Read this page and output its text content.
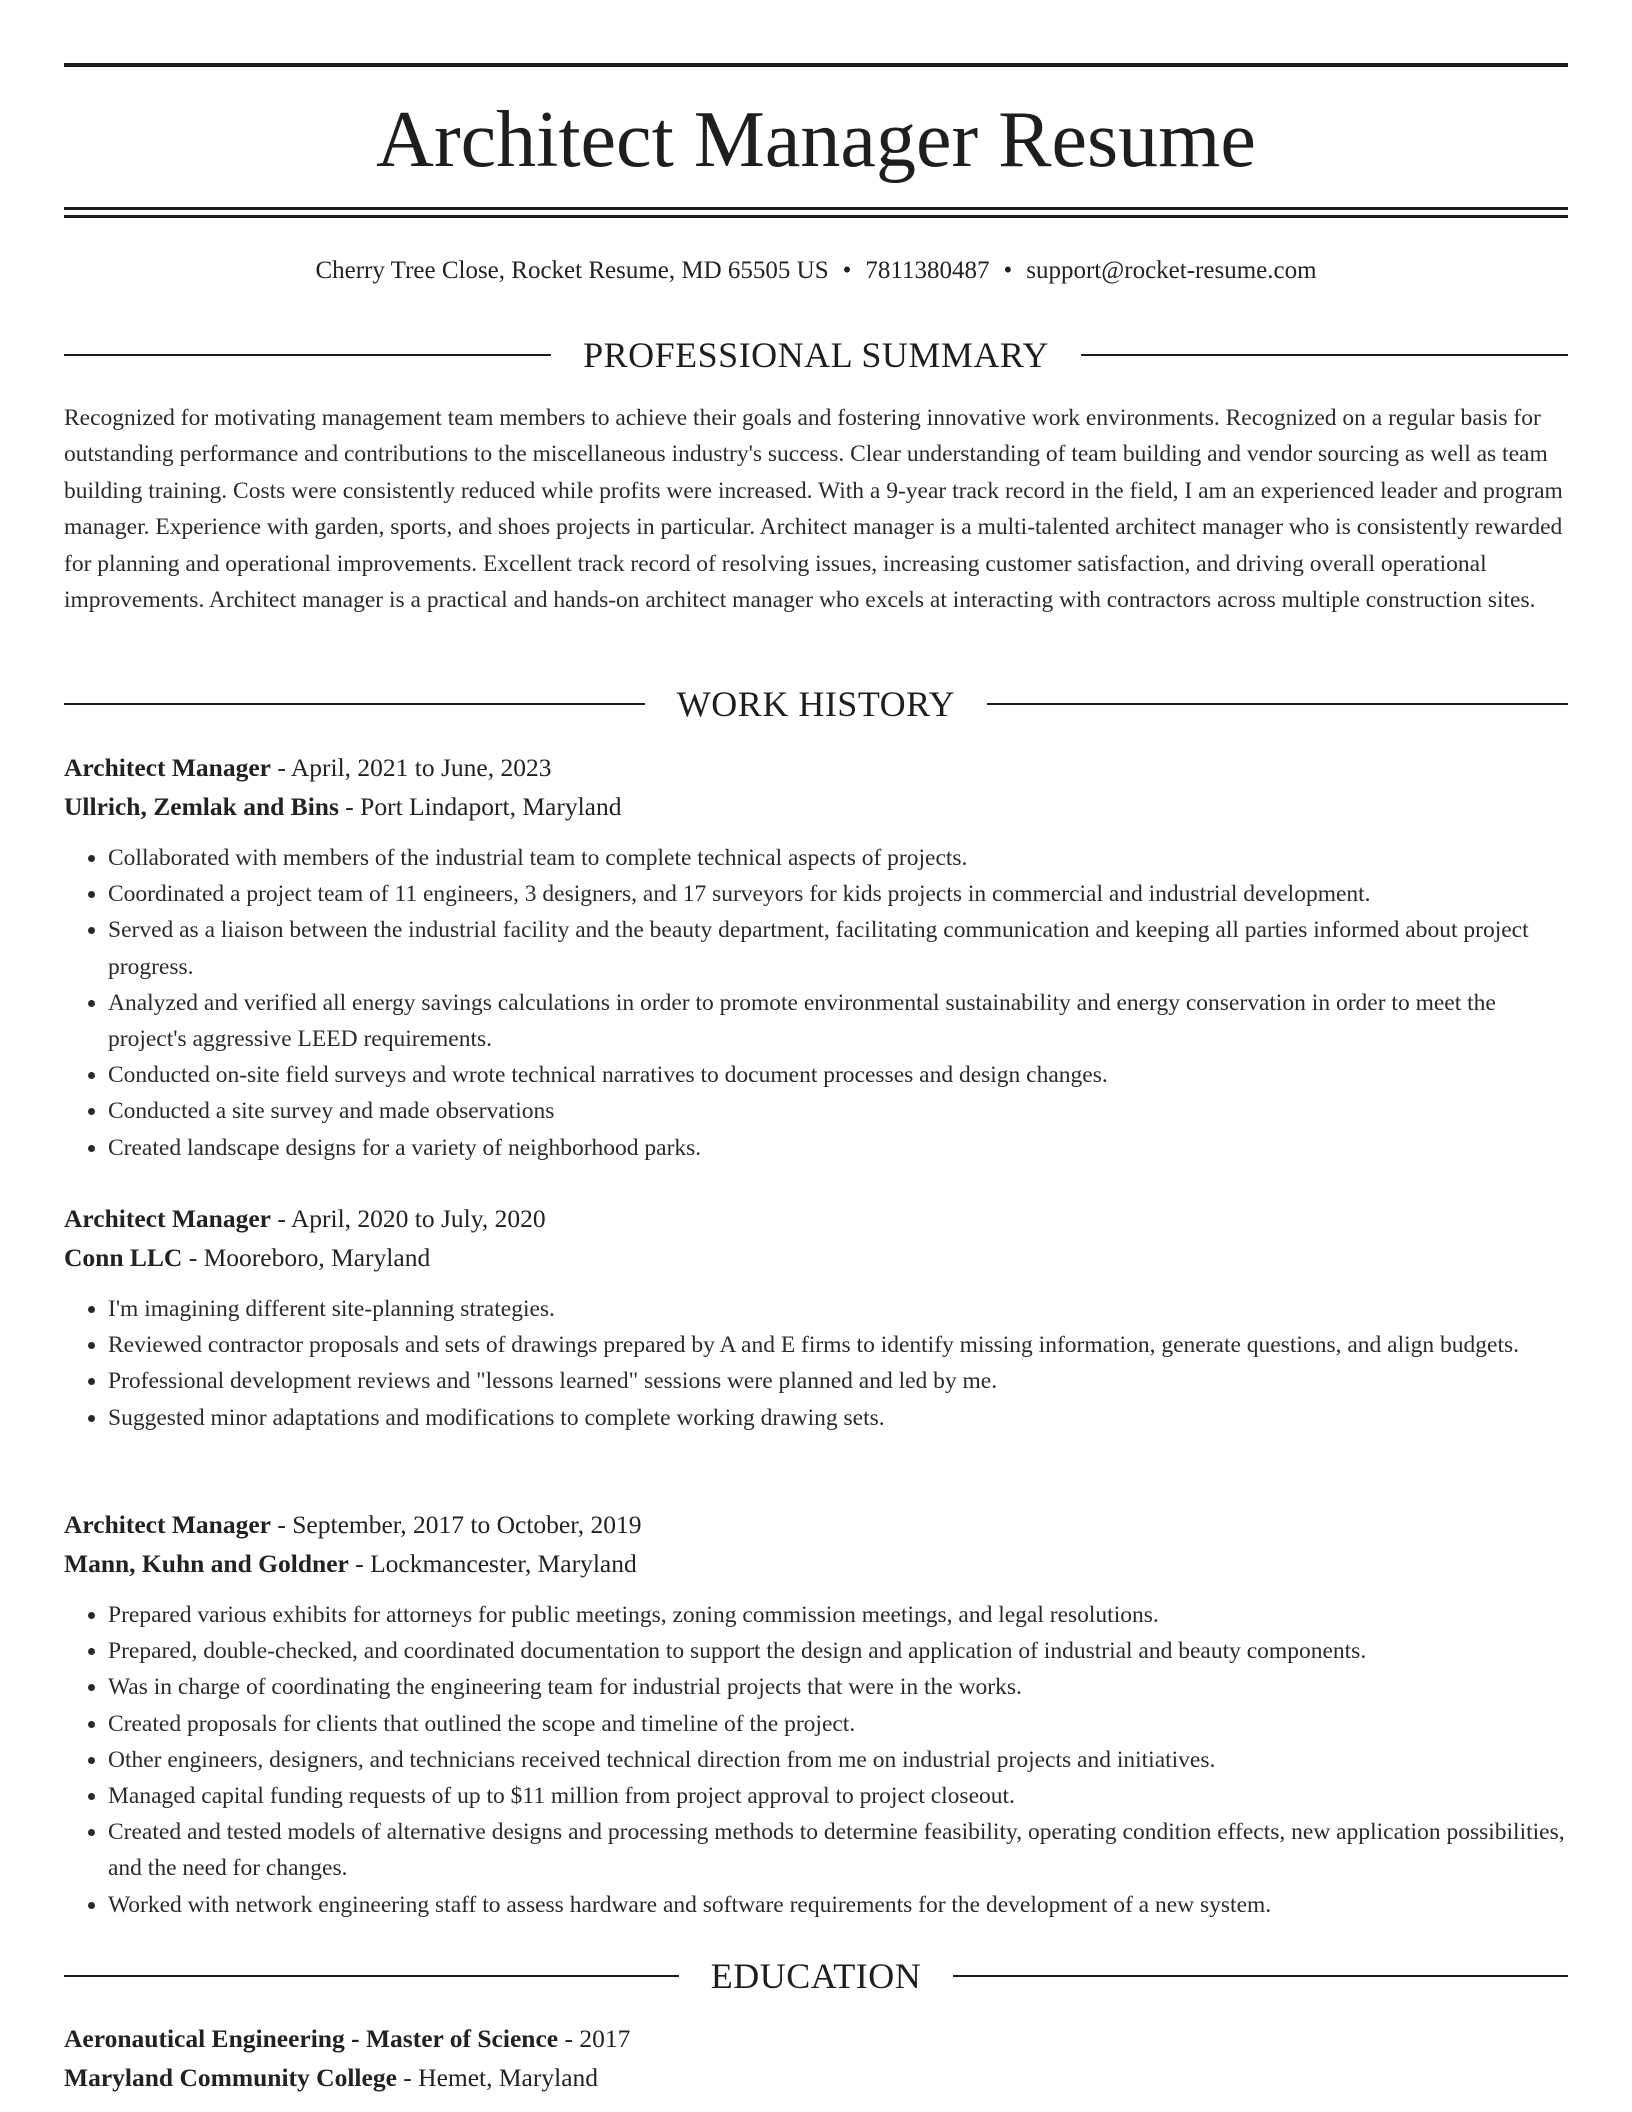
Architect Manager Resume
Cherry Tree Close, Rocket Resume, MD 65505 US • 7811380487 • support@rocket-resume.com
PROFESSIONAL SUMMARY

Recognized for motivating management team members to achieve their goals and fostering innovative work environments. Recognized on a regular basis for outstanding performance and contributions to the miscellaneous industry's success. Clear understanding of team building and vendor sourcing as well as team building training. Costs were consistently reduced while profits were increased. With a 9-year track record in the field, I am an experienced leader and program manager. Experience with garden, sports, and shoes projects in particular. Architect manager is a multi-talented architect manager who is consistently rewarded for planning and operational improvements. Excellent track record of resolving issues, increasing customer satisfaction, and driving overall operational improvements. Architect manager is a practical and hands-on architect manager who excels at interacting with contractors across multiple construction sites.

WORK HISTORY
Architect Manager - April, 2021 to June, 2023
Ullrich, Zemlak and Bins - Port Lindaport, Maryland
• Collaborated with members of the industrial team to complete technical aspects of projects.
• Coordinated a project team of 11 engineers, 3 designers, and 17 surveyors for kids projects in commercial and industrial development.
• Served as a liaison between the industrial facility and the beauty department, facilitating communication and keeping all parties informed about project progress.
• Analyzed and verified all energy savings calculations in order to promote environmental sustainability and energy conservation in order to meet the project's aggressive LEED requirements.
• Conducted on-site field surveys and wrote technical narratives to document processes and design changes.
• Conducted a site survey and made observations
• Created landscape designs for a variety of neighborhood parks.
Architect Manager - April, 2020 to July, 2020
Conn LLC - Mooreboro, Maryland
• I'm imagining different site-planning strategies.
• Reviewed contractor proposals and sets of drawings prepared by A and E firms to identify missing information, generate questions, and align budgets.
• Professional development reviews and "lessons learned" sessions were planned and led by me.
• Suggested minor adaptations and modifications to complete working drawing sets.
Architect Manager - September, 2017 to October, 2019
Mann, Kuhn and Goldner - Lockmancester, Maryland
• Prepared various exhibits for attorneys for public meetings, zoning commission meetings, and legal resolutions.
• Prepared, double-checked, and coordinated documentation to support the design and application of industrial and beauty components.
• Was in charge of coordinating the engineering team for industrial projects that were in the works.
• Created proposals for clients that outlined the scope and timeline of the project.
• Other engineers, designers, and technicians received technical direction from me on industrial projects and initiatives.
• Managed capital funding requests of up to $11 million from project approval to project closeout.
• Created and tested models of alternative designs and processing methods to determine feasibility, operating condition effects, new application possibilities, and the need for changes.
• Worked with network engineering staff to assess hardware and software requirements for the development of a new system.
EDUCATION
Aeronautical Engineering - Master of Science - 2017
Maryland Community College - Hemet, Maryland
